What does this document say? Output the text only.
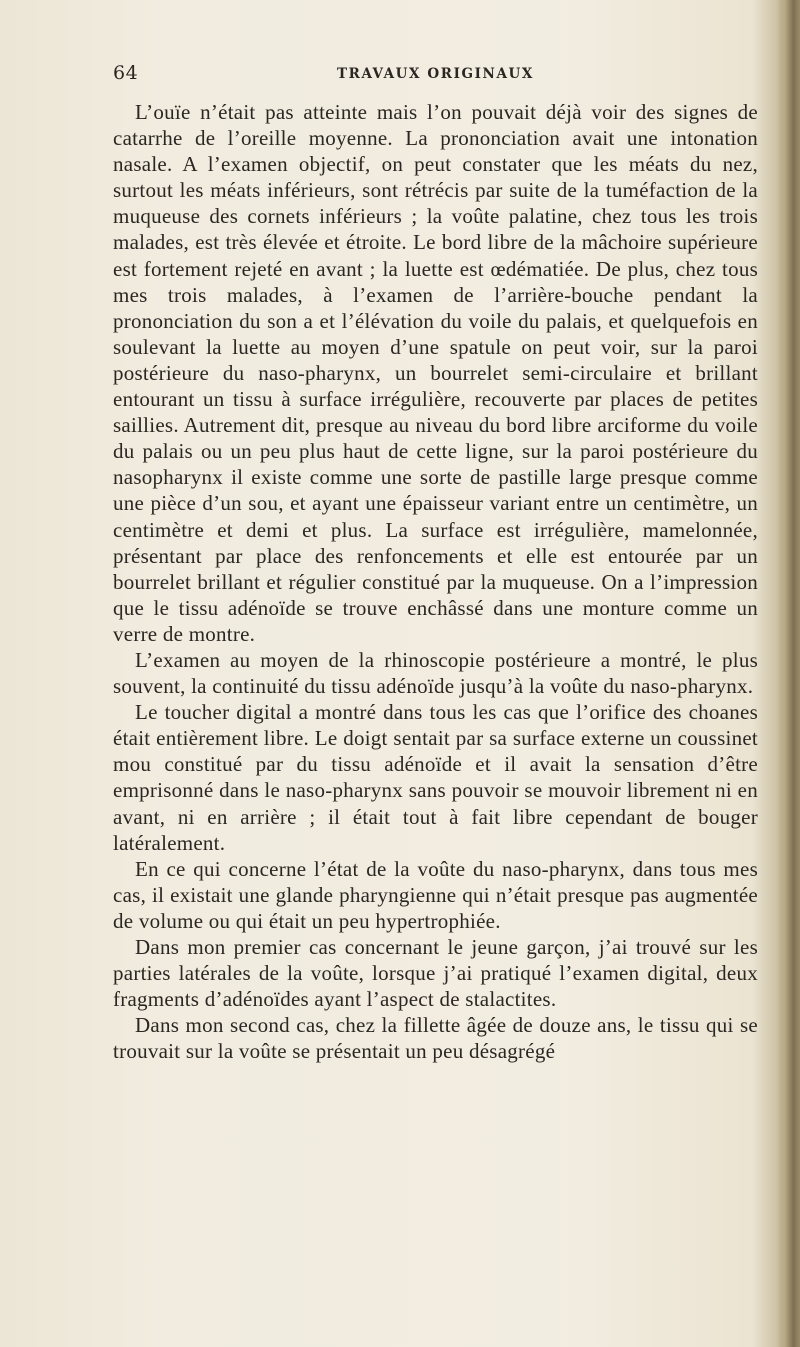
64	TRAVAUX ORIGINAUX

L’ouïe n’était pas atteinte mais l’on pouvait déjà voir des signes de catarrhe de l’oreille moyenne. La prononciation avait une intonation nasale. A l’examen objectif, on peut constater que les méats du nez, surtout les méats inférieurs, sont rétrécis par suite de la tuméfaction de la muqueuse des cornets inférieurs ; la voûte palatine, chez tous les trois malades, est très élevée et étroite. Le bord libre de la mâchoire supérieure est fortement rejeté en avant ; la luette est œdématiée. De plus, chez tous mes trois malades, à l’examen de l’arrière-bouche pendant la prononciation du son a et l’élévation du voile du palais, et quelquefois en soulevant la luette au moyen d’une spatule on peut voir, sur la paroi postérieure du naso-pharynx, un bourrelet semi-circulaire et brillant entourant un tissu à surface irrégulière, recouverte par places de petites saillies. Autrement dit, presque au niveau du bord libre arciforme du voile du palais ou un peu plus haut de cette ligne, sur la paroi postérieure du nasopharynx il existe comme une sorte de pastille large presque comme une pièce d’un sou, et ayant une épaisseur variant entre un centimètre, un centimètre et demi et plus. La surface est irrégulière, mamelonnée, présentant par place des renfoncements et elle est entourée par un bourrelet brillant et régulier constitué par la muqueuse. On a l’impression que le tissu adénoïde se trouve enchâssé dans une monture comme un verre de montre.

L’examen au moyen de la rhinoscopie postérieure a montré, le plus souvent, la continuité du tissu adénoïde jusqu’à la voûte du naso-pharynx.

Le toucher digital a montré dans tous les cas que l’orifice des choanes était entièrement libre. Le doigt sentait par sa surface externe un coussinet mou constitué par du tissu adénoïde et il avait la sensation d’être emprisonné dans le naso-pharynx sans pouvoir se mouvoir librement ni en avant, ni en arrière ; il était tout à fait libre cependant de bouger latéralement.

En ce qui concerne l’état de la voûte du naso-pharynx, dans tous mes cas, il existait une glande pharyngienne qui n’était presque pas augmentée de volume ou qui était un peu hypertrophiée.

Dans mon premier cas concernant le jeune garçon, j’ai trouvé sur les parties latérales de la voûte, lorsque j’ai pratiqué l’examen digital, deux fragments d’adénoïdes ayant l’aspect de stalactites.

Dans mon second cas, chez la fillette âgée de douze ans, le tissu qui se trouvait sur la voûte se présentait un peu désagrégé
